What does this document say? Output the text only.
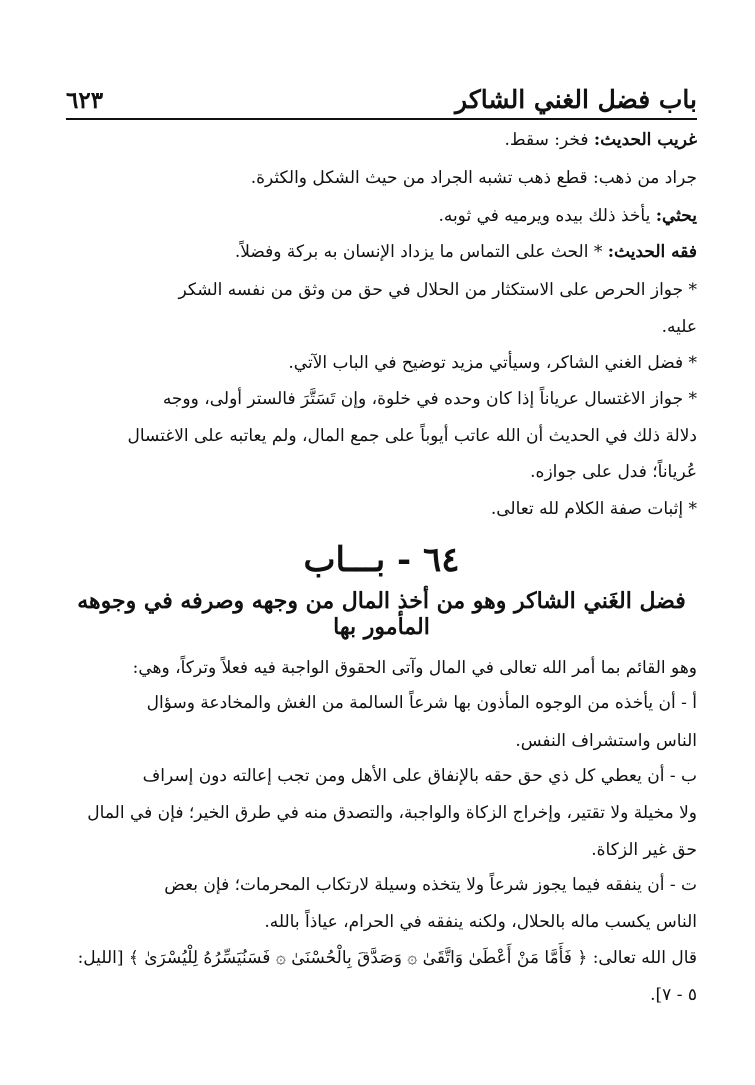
باب فضل الغني الشاكر
٦٢٣
غريب الحديث: فخر: سقط.
جراد من ذهب: قطع ذهب تشبه الجراد من حيث الشكل والكثرة.
يحثي: يأخذ ذلك بيده ويرميه في ثوبه.
فقه الحديث: * الحث على التماس ما يزداد الإنسان به بركة وفضلاً.
* جواز الحرص على الاستكثار من الحلال في حق من وثق من نفسه الشكر
عليه.
* فضل الغني الشاكر، وسيأتي مزيد توضيح في الباب الآتي.
* جواز الاغتسال عرياناً إذا كان وحده في خلوة، وإن تَسَتَّرَ فالستر أولى، ووجه
دلالة ذلك في الحديث أن الله عاتب أيوباً على جمع المال، ولم يعاتبه على الاغتسال
عُرياناً؛ فدل على جوازه.
* إثبات صفة الكلام لله تعالى.
٦٤ - بـــاب
فضل الغَني الشاكر وهو من أخذ المال من وجهه وصرفه في وجوهه المأمور بها
وهو القائم بما أمر الله تعالى في المال وآتى الحقوق الواجبة فيه فعلاً وتركاً، وهي:
أ - أن يأخذه من الوجوه المأذون بها شرعاً السالمة من الغش والمخادعة وسؤال
الناس واستشراف النفس.
ب - أن يعطي كل ذي حق حقه بالإنفاق على الأهل ومن تجب إعالته دون إسراف
ولا مخيلة ولا تقتير، وإخراج الزكاة والواجبة، والتصدق منه في طرق الخير؛ فإن في المال
حق غير الزكاة.
ت - أن ينفقه فيما يجوز شرعاً ولا يتخذه وسيلة لارتكاب المحرمات؛ فإن بعض
الناس يكسب ماله بالحلال، ولكنه ينفقه في الحرام، عياذاً بالله.
قال الله تعالى: ﴿ فَأَمَّا مَنْ أَعْطَىٰ وَاتَّقَىٰ ۞ وَصَدَّقَ بِالْحُسْنَىٰ ۞ فَسَنُيَسِّرُهُ لِلْيُسْرَىٰ ﴾ [الليل:
٥ - ٧].
